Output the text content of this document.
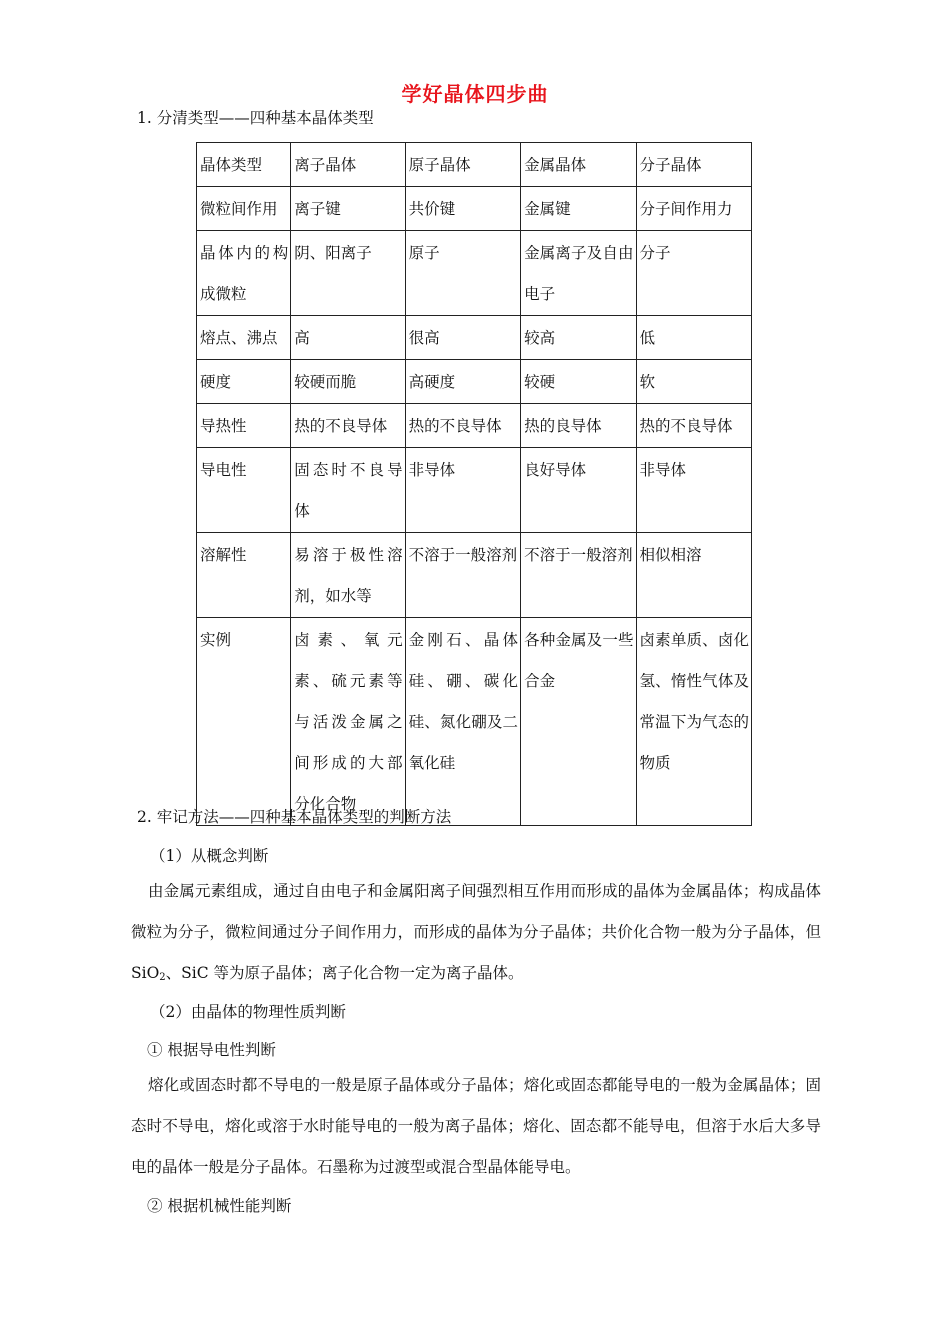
学好晶体四步曲
1. 分清类型——四种基本晶体类型
晶体类型	离子晶体	原子晶体	金属晶体	分子晶体
微粒间作用	离子键	共价键	金属键	分子间作用力
晶体内的构成微粒	阴、阳离子	原子	金属离子及自由电子	分子
熔点、沸点	高	很高	较高	低
硬度	较硬而脆	高硬度	较硬	软
导热性	热的不良导体	热的不良导体	热的良导体	热的不良导体
导电性	固态时不良导体	非导体	良好导体	非导体
溶解性	易溶于极性溶剂，如水等	不溶于一般溶剂	不溶于一般溶剂	相似相溶
实例	卤素、氧元素、硫元素等与活泼金属之间形成的大部分化合物	金刚石、晶体硅、硼、碳化硅、氮化硼及二氧化硅	各种金属及一些合金	卤素单质、卤化氢、惰性气体及常温下为气态的物质
2. 牢记方法——四种基本晶体类型的判断方法
（1）从概念判断

由金属元素组成，通过自由电子和金属阳离子间强烈相互作用而形成的晶体为金属晶体；构成晶体微粒为分子，微粒间通过分子间作用力，而形成的晶体为分子晶体；共价化合物一般为分子晶体，但 SiO$_2$、SiC 等为原子晶体；离子化合物一定为离子晶体。

（2）由晶体的物理性质判断
① 根据导电性判断

熔化或固态时都不导电的一般是原子晶体或分子晶体；熔化或固态都能导电的一般为金属晶体；固态时不导电，熔化或溶于水时能导电的一般为离子晶体；熔化、固态都不能导电，但溶于水后大多导电的晶体一般是分子晶体。石墨称为过渡型或混合型晶体能导电。

② 根据机械性能判断
